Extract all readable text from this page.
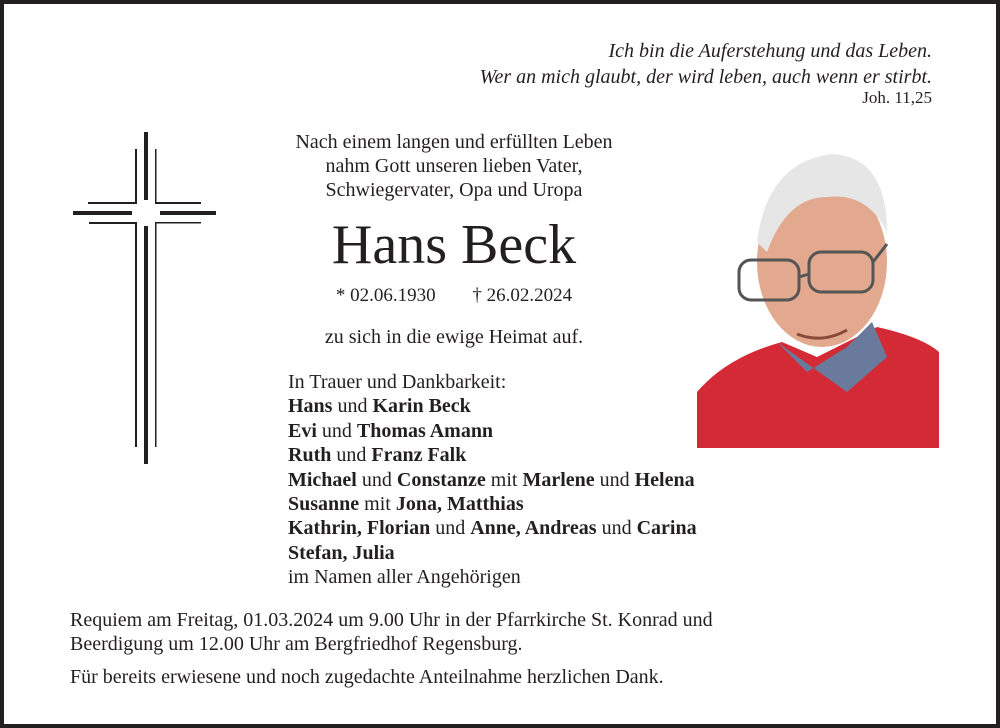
Ich bin die Auferstehung und das Leben.
Wer an mich glaubt, der wird leben, auch wenn er stirbt.
Joh. 11,25
Nach einem langen und erfüllten Leben
nahm Gott unseren lieben Vater,
Schwiegervater, Opa und Uropa
Hans Beck
* 02.06.1930 † 26.02.2024
zu sich in die ewige Heimat auf.
In Trauer und Dankbarkeit:
Hans und Karin Beck
Evi und Thomas Amann
Ruth und Franz Falk
Michael und Constanze mit Marlene und Helena
Susanne mit Jona, Matthias
Kathrin, Florian und Anne, Andreas und Carina
Stefan, Julia
im Namen aller Angehörigen
Requiem am Freitag, 01.03.2024 um 9.00 Uhr in der Pfarrkirche St. Konrad und
Beerdigung um 12.00 Uhr am Bergfriedhof Regensburg.
Für bereits erwiesene und noch zugedachte Anteilnahme herzlichen Dank.
